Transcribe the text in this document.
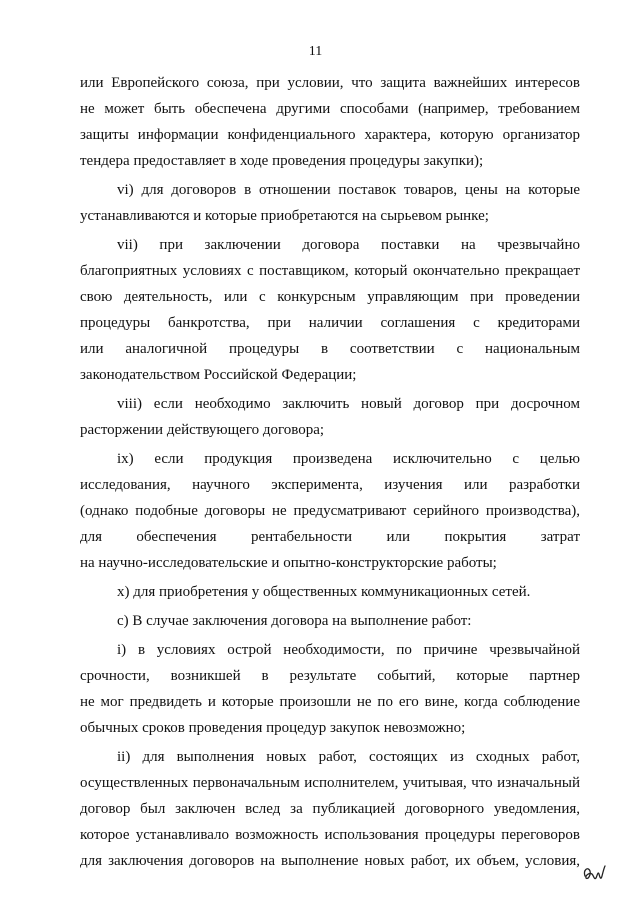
11

или Европейского союза, при условии, что защита важнейших интересов
не может быть обеспечена другими способами (например, требованием
защиты информации конфиденциального характера, которую организатор
тендера предоставляет в ходе проведения процедуры закупки);

vi) для договоров в отношении поставок товаров, цены на которые
устанавливаются и которые приобретаются на сырьевом рынке;

vii) при заключении договора поставки на чрезвычайно
благоприятных условиях с поставщиком, который окончательно прекращает
свою деятельность, или с конкурсным управляющим при проведении
процедуры банкротства, при наличии соглашения с кредиторами
или аналогичной процедуры в соответствии с национальным
законодательством Российской Федерации;

viii) если необходимо заключить новый договор при досрочном
расторжении действующего договора;

ix) если продукция произведена исключительно с целью
исследования, научного эксперимента, изучения или разработки
(однако подобные договоры не предусматривают серийного производства),
для обеспечения рентабельности или покрытия затрат
на научно-исследовательские и опытно-конструкторские работы;

x) для приобретения у общественных коммуникационных сетей.

c) В случае заключения договора на выполнение работ:

i) в условиях острой необходимости, по причине чрезвычайной
срочности, возникшей в результате событий, которые партнер
не мог предвидеть и которые произошли не по его вине, когда соблюдение
обычных сроков проведения процедур закупок невозможно;

ii) для выполнения новых работ, состоящих из сходных работ,
осуществленных первоначальным исполнителем, учитывая, что изначальный
договор был заключен вслед за публикацией договорного уведомления,
которое устанавливало возможность использования процедуры переговоров
для заключения договоров на выполнение новых работ, их объем, условия,
